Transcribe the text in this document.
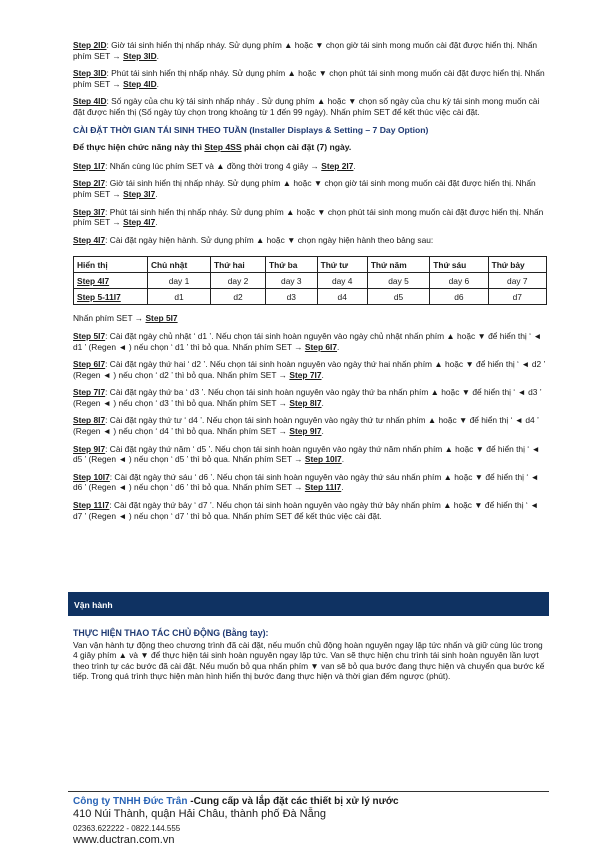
Step 2ID: Giờ tái sinh hiển thị nhấp nháy. Sử dụng phím ▲ hoặc ▼ chọn giờ tái sinh mong muốn cài đặt được hiển thị. Nhấn phím SET → Step 3ID.

Step 3ID: Phút tái sinh hiển thị nhấp nháy. Sử dụng phím ▲ hoặc ▼ chọn phút tái sinh mong muốn cài đặt được hiển thị. Nhấn phím SET → Step 4ID.

Step 4ID: Số ngày của chu kỳ tái sinh nhấp nháy . Sử dụng phím ▲ hoặc ▼ chọn số ngày của chu kỳ tái sinh mong muốn cài đặt được hiển thị (Số ngày tùy chọn trong khoảng từ 1 đến 99 ngày). Nhấn phím SET để kết thúc việc cài đặt.

CÀI ĐẶT THỜI GIAN TÁI SINH THEO TUẦN (Installer Displays & Setting – 7 Day Option)

Để thực hiện chức năng này thì Step 4SS phải chọn cài đặt (7) ngày.

Step 1I7: Nhấn cùng lúc phím SET và ▲ đồng thời trong 4 giây → Step 2I7.

Step 2I7: Giờ tái sinh hiển thị nhấp nháy. Sử dụng phím ▲ hoặc ▼ chọn giờ tái sinh mong muốn cài đặt được hiển thị. Nhấn phím SET → Step 3I7.

Step 3I7: Phút tái sinh hiển thị nhấp nháy. Sử dụng phím ▲ hoặc ▼ chọn phút tái sinh mong muốn cài đặt được hiển thị. Nhấn phím SET → Step 4I7.

Step 4I7: Cài đặt ngày hiện hành. Sử dụng phím ▲ hoặc ▼ chọn ngày hiện hành theo bảng sau:

Hiển thị	Chủ nhật	Thứ hai	Thứ ba	Thứ tư	Thứ năm	Thứ sáu	Thứ bảy
Step 4I7	day 1	day 2	day 3	day 4	day 5	day 6	day 7
Step 5-11I7	d1	d2	d3	d4	d5	d6	d7

Nhấn phím SET → Step 5I7

Step 5I7: Cài đặt ngày chủ nhật ‘ d1 ’. Nếu chọn tái sinh hoàn nguyên vào ngày chủ nhật nhấn phím ▲ hoặc ▼ để hiển thị ‘ ◄ d1 ’ (Regen ◄ ) nếu chọn ‘ d1 ’ thì bỏ qua. Nhấn phím SET → Step 6I7.

Step 6I7: Cài đặt ngày thứ hai ‘ d2 ’. Nếu chọn tái sinh hoàn nguyên vào ngày thứ hai nhấn phím ▲ hoặc ▼ để hiển thị ‘ ◄ d2 ’ (Regen ◄ ) nếu chọn ‘ d2 ’ thì bỏ qua. Nhấn phím SET → Step 7I7.

Step 7I7: Cài đặt ngày thứ ba ‘ d3 ’. Nếu chọn tái sinh hoàn nguyên vào ngày thứ ba nhấn phím ▲ hoặc ▼ để hiển thị ‘ ◄ d3 ’ (Regen ◄ ) nếu chọn ‘ d3 ’ thì bỏ qua. Nhấn phím SET → Step 8I7.

Step 8I7: Cài đặt ngày thứ tư ‘ d4 ’. Nếu chọn tái sinh hoàn nguyên vào ngày thứ tư nhấn phím ▲ hoặc ▼ để hiển thị ‘ ◄ d4 ’ (Regen ◄ ) nếu chọn ‘ d4 ’ thì bỏ qua. Nhấn phím SET → Step 9I7.

Step 9I7: Cài đặt ngày thứ năm ‘ d5 ’. Nếu chọn tái sinh hoàn nguyên vào ngày thứ năm nhấn phím ▲ hoặc ▼ để hiển thị ‘ ◄ d5 ’ (Regen ◄ ) nếu chọn ‘ d5 ’ thì bỏ qua. Nhấn phím SET → Step 10I7.

Step 10I7: Cài đặt ngày thứ sáu ‘ d6 ’. Nếu chọn tái sinh hoàn nguyên vào ngày thứ sáu nhấn phím ▲ hoặc ▼ để hiển thị ‘ ◄ d6 ’ (Regen ◄ ) nếu chọn ‘ d6 ’ thì bỏ qua. Nhấn phím SET → Step 11I7.

Step 11I7: Cài đặt ngày thứ bảy ‘ d7 ’. Nếu chọn tái sinh hoàn nguyên vào ngày thứ bảy nhấn phím ▲ hoặc ▼ để hiển thị ‘ ◄ d7 ’ (Regen ◄ ) nếu chọn ‘ d7 ’ thì bỏ qua. Nhấn phím SET để kết thúc việc cài đặt.

Vận hành

THỰC HIỆN THAO TÁC CHỦ ĐỘNG (Bằng tay):

Van vận hành tự động theo chương trình đã cài đặt, nếu muốn chủ động hoàn nguyên ngay lập tức nhấn và giữ cùng lúc trong 4 giây phím ▲ và ▼ để thực hiện tái sinh hoàn nguyên ngay lập tức. Van sẽ thực hiện chu trình tái sinh hoàn nguyên lần lượt theo trình tự các bước đã cài đặt. Nếu muốn bỏ qua nhấn phím ▼ van sẽ bỏ qua bước đang thực hiện và chuyển qua bước kế tiếp. Trong quá trình thực hiện màn hình hiển thị bước đang thực hiện và thời gian đếm ngược (phút).

Công ty TNHH Đức Trân -Cung cấp và lắp đặt các thiết bị xử lý nước
410 Núi Thành, quận Hải Châu, thành phố Đà Nẵng
02363.622222 - 0822.144.555
www.ductran.com.vn
